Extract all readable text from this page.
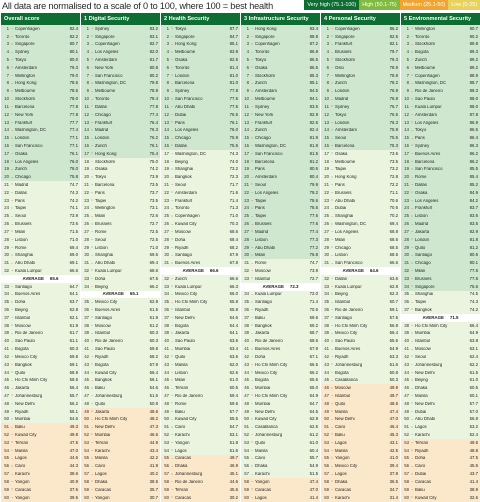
All data are normalised to a scale of 0 to 100, where 100 = best health	Very high (75.1-100)	High (50.1-75)	Medium (25.1-50)	Low (0-25)
Overall score
1 → Copenhagen	82.4
2 → Toronto	82.2
3 = Singapore	80.7
4 → Sydney	80.1
5 → Tokyo	80.0
6 = Amsterdam	79.3
7 → Wellington	79.0
8 → Hong Kong	78.6
9 = Melbourne	78.6
10 → Stockholm	78.0
11 → Barcelona	77.8
12 = New York	77.8
13 → Frankfurt	77.7
14 → Washington, DC	77.4
15 = London	77.1
16 → San Francisco	77.1
17 → Osaka	76.1
18 = Los Angeles	76.0
19 → Zurich	76.0
20 → Chicago	75.8
21 = Madrid	74.7
22 → Dallas	74.3
23 → Paris	74.2
24 = Taipei	74.1
25 → Seoul	73.9
26 → Brussels	73.6
27 = Milan	71.5
28 → Lisbon	71.0
29 → Rome	69.4
30 = Shanghai	69.0
31 → Abu Dhabi	69.1
32 → Kuala Lumpur	66.6
AVERAGE 65.6
33 → Santiago	64.7
34 → Buenos Aires	64.1
35 = Doha	63.7
36 → Beijing	62.8
37 → Istanbul	62.1
38 = Moscow	61.9
39 → Rio de Janeiro	61.7
40 → Sao Paulo	61.1
41 = Bogota	60.3
42 → Mexico City	59.8
43 → Bangkok	59.1
44 = Quito	58.9
45 → Ho Chi Minh City	58.5
46 → Jakarta	56.4
47 = Johannesburg	55.7
48 → New Delhi	56.2
49 → Riyadh	55.1
50 = Mumbai	54.6
51 → Baku	49.3
52 → Kuwait City	49.8
53 = Tehran	47.5
54 → Manila	47.0
55 → Lagos	44.6
56 = Cairo	44.3
57 → Karachi	38.6
58 → Yangon	40.9
59 = Caracas	37.6
60 → Yangon	39.5
1 Digital Security
1 → Sydney	83.2
2 = Singapore	83.1
3 → Copenhagen	82.7
4 → Los Angeles	82.0
5 = Amsterdam	81.7
6 → New York	80.8
7 → San Francisco	80.2
8 = Washington, DC	79.8
9 → Melbourne	78.9
10 → Toronto	78.4
11 = Dallas	77.8
12 → Chicago	77.4
13 → Frankfurt	76.4
14 = Madrid	76.3
15 → London	76.2
16 → Zurich	76.1
17 = Hong Kong	75.4
18 → Stockholm	75.0
19 → Osaka	74.2
20 = Tokyo	73.9
21 → Barcelona	73.5
22 → Paris	73.7
23 = Taipei	73.5
24 → Wellington	73.1
25 → Milan	72.6
26 = Brussels	72.7
27 → Rome	72.5
28 → Seoul	72.5
29 = Lisbon	71.0
30 → Shanghai	69.5
31 → Abu Dhabi	69.4
32 = Kuala Lumpur	68.6
33 → Doha	67.5
34 → Beijing	66.2
AVERAGE 65.1
35 → Mexico City	62.9
36 → Buenos Aires	61.5
37 = Santiago	61.9
38 → Moscow	61.2
39 → Istanbul	60.3
40 = Rio de Janeiro	60.3
41 → Sao Paulo	59.8
42 → Riyadh	58.2
43 = Bogota	57.9
44 → Kuwait City	56.4
45 → Bangkok	56.1
46 = Baku	54.6
47 → Johannesburg	51.6
48 → Quito	50.8
49 = Jakarta	48.6
50 → Ho Chi Minh City	48.2
51 → New Delhi	47.3
52 = Mumbai	46.6
53 → Tehran	44.9
54 → Karachi	43.4
55 = Manila	42.2
56 → Cairo	41.9
57 → Lagos	40.2
58 = Dhaka	38.5
59 → Caracas	35.7
60 → Yangon	30.7
2 Health Security
1 = Tokyo	87.7
2 → Singapore	84.7
3 → Hong Kong	85.1
4 = Melbourne	83.9
5 → Osaka	82.5
6 → Toronto	81.4
7 = London	81.0
8 → Barcelona	81.0
9 → Sydney	77.8
10 = San Francisco	77.5
11 → Abu Dhabi	77.5
12 → Dubai	76.5
13 = Paris	76.1
14 → Los Angeles	76.0
15 → Chicago	75.9
16 = Dallas	75.5
17 → Washington, DC	74.3
18 → Beijing	74.0
19 = Shanghai	73.2
20 → Bangkok	72.3
21 → Seoul	71.7
22 = Amsterdam	71.6
23 → Frankfurt	71.4
24 → Toronto	71.3
25 = Copenhagen	71.0
26 → Kuwait City	70.3
27 → Moscow	68.6
28 = Doha	68.4
29 → Riyadh	68.2
30 → Santiago	67.9
31 = Buenos Aires	67.8
AVERAGE 66.6
32 → Zurich	66.6
33 = Kuala Lumpur	66.3
34 → Mexico City	66.0
35 → Ho Chi Minh City	65.8
36 = Istanbul	65.8
37 → New Delhi	64.6
38 → Bogota	64.4
39 = Jakarta	64.1
40 → Sao Paulo	63.6
41 → Mumbai	63.4
42 = Quito	63.6
43 → Manila	62.0
44 → Lisbon	62.6
45 = Milan	61.0
46 → Tehran	60.5
47 → Rio de Janeiro	59.4
48 = Rome	59.6
49 → Baku	57.7
50 → Kuwait City	55.5
51 = Cairo	54.7
52 → Karachi	53.1
53 → Yangon	51.8
54 = Lagos	51.6
55 → Caracas	49.7
56 → Dhaka	46.9
57 = Johannesburg	45.1
58 → Rio de Janeiro	44.6
59 → Tehran	45.6
60 = Caracas	30.2
3 Infrastructure Security
1 → Hong Kong	93.4
2 → Singapore	88.8
3 = Copenhagen	87.2
4 → Toronto	86.8
5 → Tokyo	86.5
6 = Osaka	86.5
7 → Stockholm	85.3
8 → Zurich	85.1
9 = Amsterdam	84.5
10 → Melbourne	84.1
11 → Sydney	83.5
12 = New York	82.9
13 → Frankfurt	82.6
14 → Zurich	82.4
15 = Chicago	81.9
16 → Washington, DC	81.8
17 → San Francisco	81.5
18 = Barcelona	81.2
19 → Paris	80.6
20 → Amsterdam	80.4
21 = Seoul	79.9
22 → Los Angeles	79.2
23 → Taipei	78.6
24 = Paris	78.5
25 → Taipei	77.6
26 → Brussels	77.6
27 = Madrid	77.4
28 → Lisbon	77.3
29 → Abu Dhabi	77.2
30 = Milan	76.8
31 → Rome	74.7
32 → Moscow	73.9
33 = Istanbul	72.7
AVERAGE 72.3
34 → Kuala Lumpur	72.0
35 = Santiago	71.4
36 → Riyadh	70.6
37 → Baku	69.6
38 = Bangkok	69.2
39 → Jakarta	68.7
40 → Rio de Janeiro	68.6
41 = Buenos Aires	67.9
42 → Doha	67.1
43 → Ho Chi Minh City	66.5
44 = Mexico City	66.2
45 → Bogota	65.6
46 → Mumbai	65.0
47 = Ho Chi Minh City	64.9
48 → Mumbai	64.7
49 → New Delhi	64.5
50 = Kuwait City	62.9
51 → Casablanca	62.5
52 → Johannesburg	61.2
53 = Quito	61.0
54 → Manila	60.4
55 → Cairo	55.7
56 = Dhaka	54.9
57 → Karachi	51.5
58 → Yangon	47.4
59 = Caracas	47.0
60 → Lagos	41.4
4 Personal Security
1 → Copenhagen	86.2
2 = Singapore	82.5
3 → Frankfurt	82.1
4 → Brussels	79.7
5 = Stockholm	79.3
6 → Oslo	78.9
7 → Wellington	78.8
8 = Zurich	78.2
9 → London	76.9
10 → Madrid	76.8
11 = Sydney	76.7
12 → Tokyo	76.5
13 → London	76.3
14 = Amsterdam	75.9
15 → Seoul	75.5
16 → Barcelona	75.3
17 = Osaka	73.6
18 → Melbourne	73.5
19 → Taipei	73.2
20 = Hong Kong	72.8
21 → Paris	72.2
22 → Brussels	71.1
23 = Abu Dhabi	70.6
24 → Dubai	70.6
25 → Shanghai	70.2
26 = Washington, DC	69.4
27 → Los Angeles	68.8
28 → Milan	68.6
29 = Chicago	68.5
30 → Lisbon	68.5
31 → San Francisco	66.6
AVERAGE 64.6
32 → Dallas	63.6
33 → Kuala Lumpur	62.8
34 = Beijing	62.3
35 → Istanbul	60.7
36 → Rio de Janeiro	59.1
37 = Santiago	57.6
38 → Ho Chi Minh City	56.8
39 → Mexico City	56.4
40 = Sao Paulo	55.6
41 → Buenos Aires	54.9
42 → Riyadh	53.3
43 = Johannesburg	51.6
44 → Bogota	50.8
45 → Casablanca	50.3
46 = Moscow	49.9
47 → Istanbul	49.7
48 → Quito	48.5
49 = Manila	47.4
50 → New Delhi	47.0
51 → Cairo	46.4
52 = Baku	45.3
53 → Lagos	43.1
54 → Manila	42.5
55 = Yangon	41.0
56 → Mexico City	39.4
57 → Lagos	37.8
58 = Dhaka	36.5
59 → Caracas	34.7
60 → Karachi	31.4
5 Environmental Security
1 = Wellington	90.7
2 → Toronto	90.2
3 → Stockholm	89.8
4 = Bogota	89.3
5 → Zurich	89.2
6 → Melbourne	89.2
7 = Copenhagen	88.9
8 → Washington, DC	88.7
9 → Rio de Janeiro	88.3
10 = Sao Paulo	88.0
11 → Kuala Lumpur	88.0
12 → Amsterdam	87.8
13 = Los Angeles	86.9
14 → Tokyo	86.5
15 → Paris	86.4
16 = Sydney	86.3
17 → Buenos Aires	86.2
18 → Barcelona	86.2
19 = San Francisco	85.5
20 → Rome	85.4
21 → Dallas	85.2
22 = Osaka	84.9
23 → Los Angeles	84.2
24 → Frankfurt	83.7
25 = Lisbon	83.6
26 → Madrid	83.5
27 → Jakarta	82.9
28 = London	81.8
29 → Quito	81.2
30 → Santiago	80.5
31 = Chicago	80.1
32 → Milan	77.6
33 → Brussels	77.6
34 = Singapore	76.6
35 → Shanghai	74.5
36 → Taipei	74.3
37 = Bangkok	74.2
AVERAGE 71.5
38 → Ho Chi Minh City	66.4
39 = Mumbai	64.9
40 → Istanbul	63.8
41 → Moscow	63.1
42 = Seoul	62.4
43 → Johannesburg	62.2
44 → New Delhi	61.5
45 = Beijing	61.0
46 → Dhaka	60.5
47 → Manila	60.1
48 = New Delhi	57.7
49 → Dubai	57.0
50 → Abu Dhabi	56.8
51 = Lagos	53.2
52 → Karachi	52.4
53 → Tehran	49.5
54 = Riyadh	48.8
55 → Doha	47.5
56 → Cairo	45.5
57 = Dubai	43.7
58 → Caracas	41.4
59 → Baku	38.9
60 = Kuwait City	32.6
